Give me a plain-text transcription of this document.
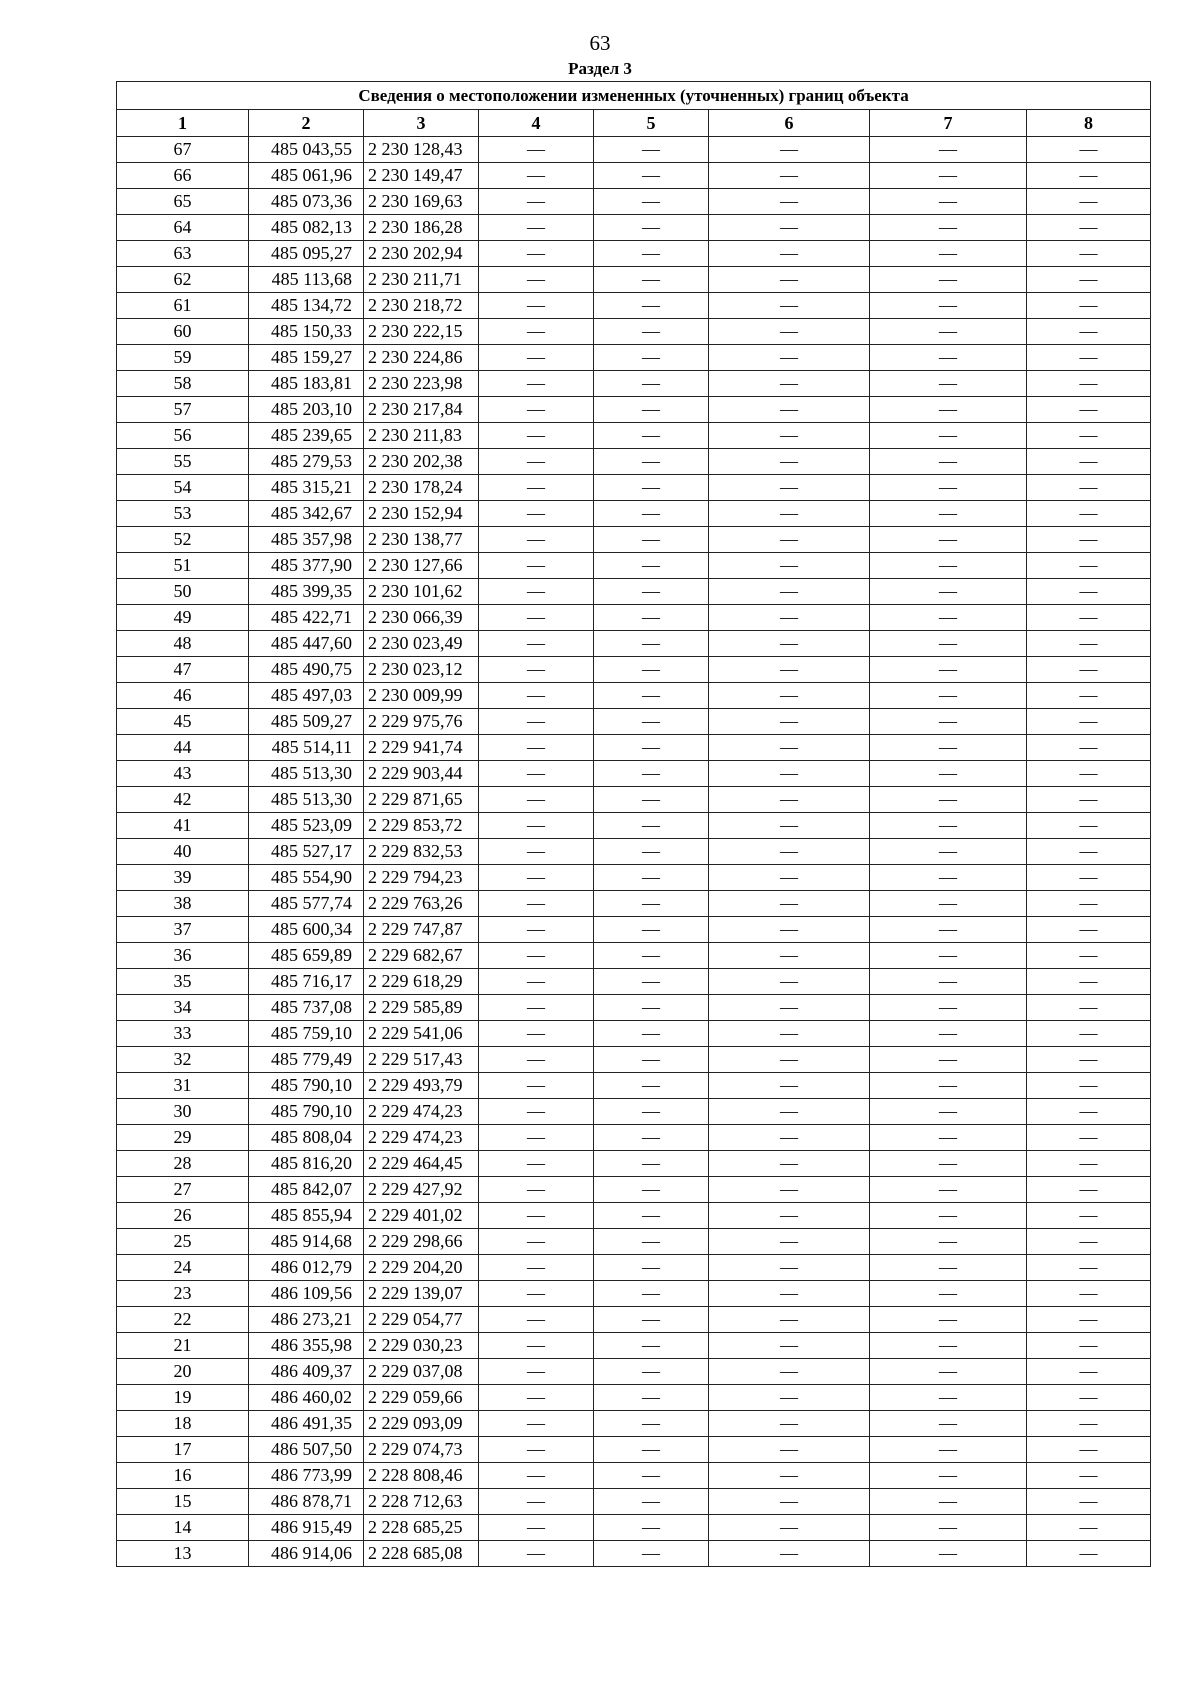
63
Раздел 3
Сведения о местоположении измененных (уточненных) границ объекта							
1	2	3	4	5	6	7	8
67	485 043,55	2 230 128,43	—	—	—	—	—
66	485 061,96	2 230 149,47	—	—	—	—	—
65	485 073,36	2 230 169,63	—	—	—	—	—
64	485 082,13	2 230 186,28	—	—	—	—	—
63	485 095,27	2 230 202,94	—	—	—	—	—
62	485 113,68	2 230 211,71	—	—	—	—	—
61	485 134,72	2 230 218,72	—	—	—	—	—
60	485 150,33	2 230 222,15	—	—	—	—	—
59	485 159,27	2 230 224,86	—	—	—	—	—
58	485 183,81	2 230 223,98	—	—	—	—	—
57	485 203,10	2 230 217,84	—	—	—	—	—
56	485 239,65	2 230 211,83	—	—	—	—	—
55	485 279,53	2 230 202,38	—	—	—	—	—
54	485 315,21	2 230 178,24	—	—	—	—	—
53	485 342,67	2 230 152,94	—	—	—	—	—
52	485 357,98	2 230 138,77	—	—	—	—	—
51	485 377,90	2 230 127,66	—	—	—	—	—
50	485 399,35	2 230 101,62	—	—	—	—	—
49	485 422,71	2 230 066,39	—	—	—	—	—
48	485 447,60	2 230 023,49	—	—	—	—	—
47	485 490,75	2 230 023,12	—	—	—	—	—
46	485 497,03	2 230 009,99	—	—	—	—	—
45	485 509,27	2 229 975,76	—	—	—	—	—
44	485 514,11	2 229 941,74	—	—	—	—	—
43	485 513,30	2 229 903,44	—	—	—	—	—
42	485 513,30	2 229 871,65	—	—	—	—	—
41	485 523,09	2 229 853,72	—	—	—	—	—
40	485 527,17	2 229 832,53	—	—	—	—	—
39	485 554,90	2 229 794,23	—	—	—	—	—
38	485 577,74	2 229 763,26	—	—	—	—	—
37	485 600,34	2 229 747,87	—	—	—	—	—
36	485 659,89	2 229 682,67	—	—	—	—	—
35	485 716,17	2 229 618,29	—	—	—	—	—
34	485 737,08	2 229 585,89	—	—	—	—	—
33	485 759,10	2 229 541,06	—	—	—	—	—
32	485 779,49	2 229 517,43	—	—	—	—	—
31	485 790,10	2 229 493,79	—	—	—	—	—
30	485 790,10	2 229 474,23	—	—	—	—	—
29	485 808,04	2 229 474,23	—	—	—	—	—
28	485 816,20	2 229 464,45	—	—	—	—	—
27	485 842,07	2 229 427,92	—	—	—	—	—
26	485 855,94	2 229 401,02	—	—	—	—	—
25	485 914,68	2 229 298,66	—	—	—	—	—
24	486 012,79	2 229 204,20	—	—	—	—	—
23	486 109,56	2 229 139,07	—	—	—	—	—
22	486 273,21	2 229 054,77	—	—	—	—	—
21	486 355,98	2 229 030,23	—	—	—	—	—
20	486 409,37	2 229 037,08	—	—	—	—	—
19	486 460,02	2 229 059,66	—	—	—	—	—
18	486 491,35	2 229 093,09	—	—	—	—	—
17	486 507,50	2 229 074,73	—	—	—	—	—
16	486 773,99	2 228 808,46	—	—	—	—	—
15	486 878,71	2 228 712,63	—	—	—	—	—
14	486 915,49	2 228 685,25	—	—	—	—	—
13	486 914,06	2 228 685,08	—	—	—	—	—
